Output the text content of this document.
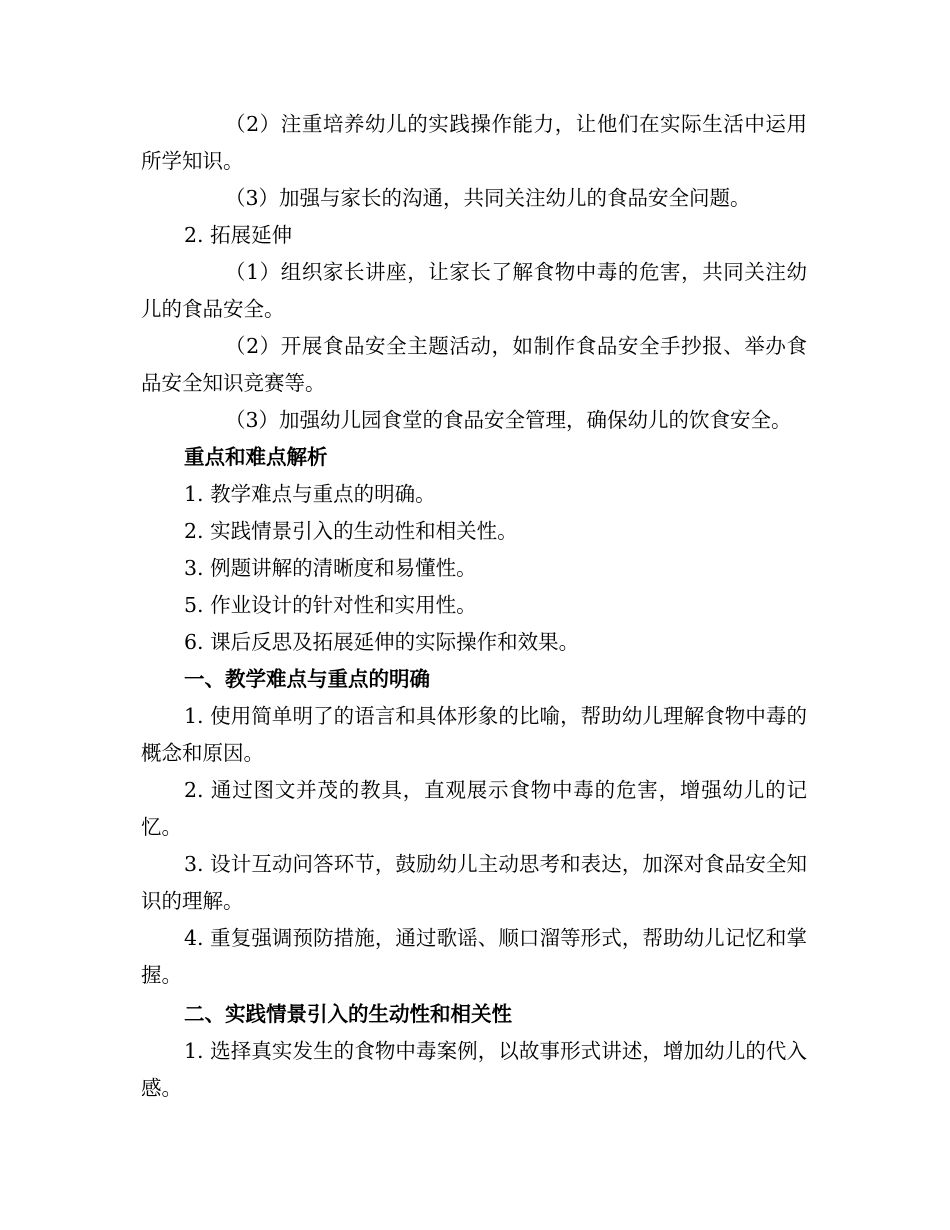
（2）注重培养幼儿的实践操作能力，让他们在实际生活中运用所学知识。

（3）加强与家长的沟通，共同关注幼儿的食品安全问题。

2. 拓展延伸

（1）组织家长讲座，让家长了解食物中毒的危害，共同关注幼儿的食品安全。

（2）开展食品安全主题活动，如制作食品安全手抄报、举办食品安全知识竞赛等。

（3）加强幼儿园食堂的食品安全管理，确保幼儿的饮食安全。

重点和难点解析

1. 教学难点与重点的明确。

2. 实践情景引入的生动性和相关性。

3. 例题讲解的清晰度和易懂性。

5. 作业设计的针对性和实用性。

6. 课后反思及拓展延伸的实际操作和效果。

一、教学难点与重点的明确

1. 使用简单明了的语言和具体形象的比喻，帮助幼儿理解食物中毒的概念和原因。

2. 通过图文并茂的教具，直观展示食物中毒的危害，增强幼儿的记忆。

3. 设计互动问答环节，鼓励幼儿主动思考和表达，加深对食品安全知识的理解。

4. 重复强调预防措施，通过歌谣、顺口溜等形式，帮助幼儿记忆和掌握。

二、实践情景引入的生动性和相关性

1. 选择真实发生的食物中毒案例，以故事形式讲述，增加幼儿的代入感。
